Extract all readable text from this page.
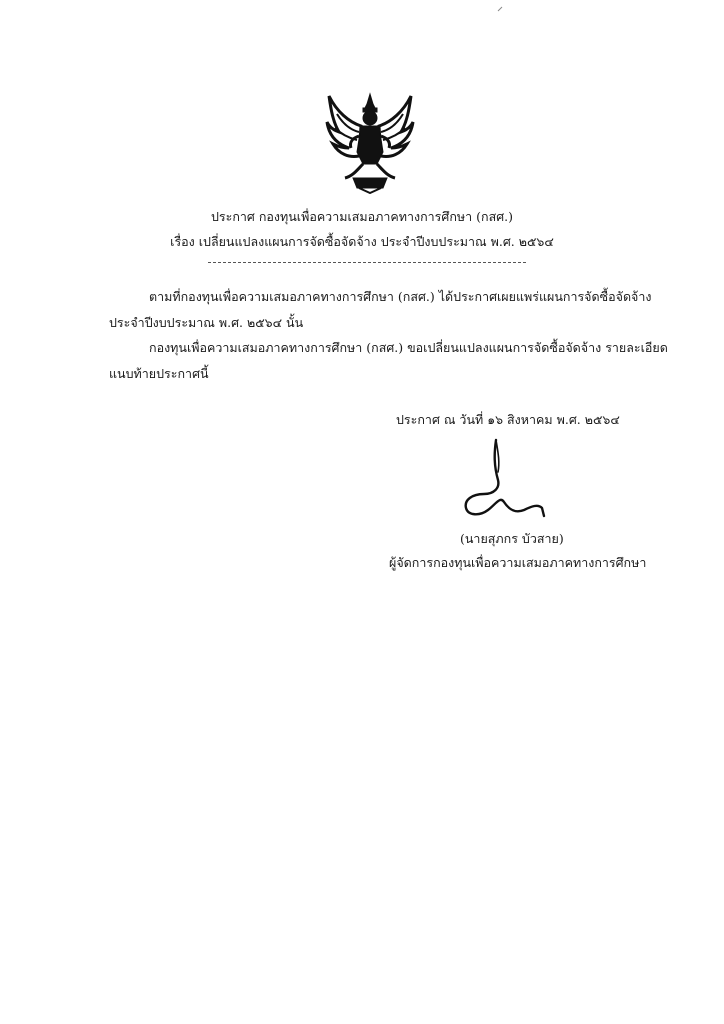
ประกาศ กองทุนเพื่อความเสมอภาคทางการศึกษา (กสศ.)
เรื่อง เปลี่ยนแปลงแผนการจัดซื้อจัดจ้าง ประจำปีงบประมาณ พ.ศ. ๒๕๖๔
ตามที่กองทุนเพื่อความเสมอภาคทางการศึกษา (กสศ.) ได้ประกาศเผยแพร่แผนการจัดซื้อจัดจ้าง
ประจำปีงบประมาณ พ.ศ. ๒๕๖๔ นั้น
กองทุนเพื่อความเสมอภาคทางการศึกษา (กสศ.) ขอเปลี่ยนแปลงแผนการจัดซื้อจัดจ้าง รายละเอียด
แนบท้ายประกาศนี้
ประกาศ ณ วันที่ ๑๖ สิงหาคม พ.ศ. ๒๕๖๔
(นายสุภกร บัวสาย)
ผู้จัดการกองทุนเพื่อความเสมอภาคทางการศึกษา
